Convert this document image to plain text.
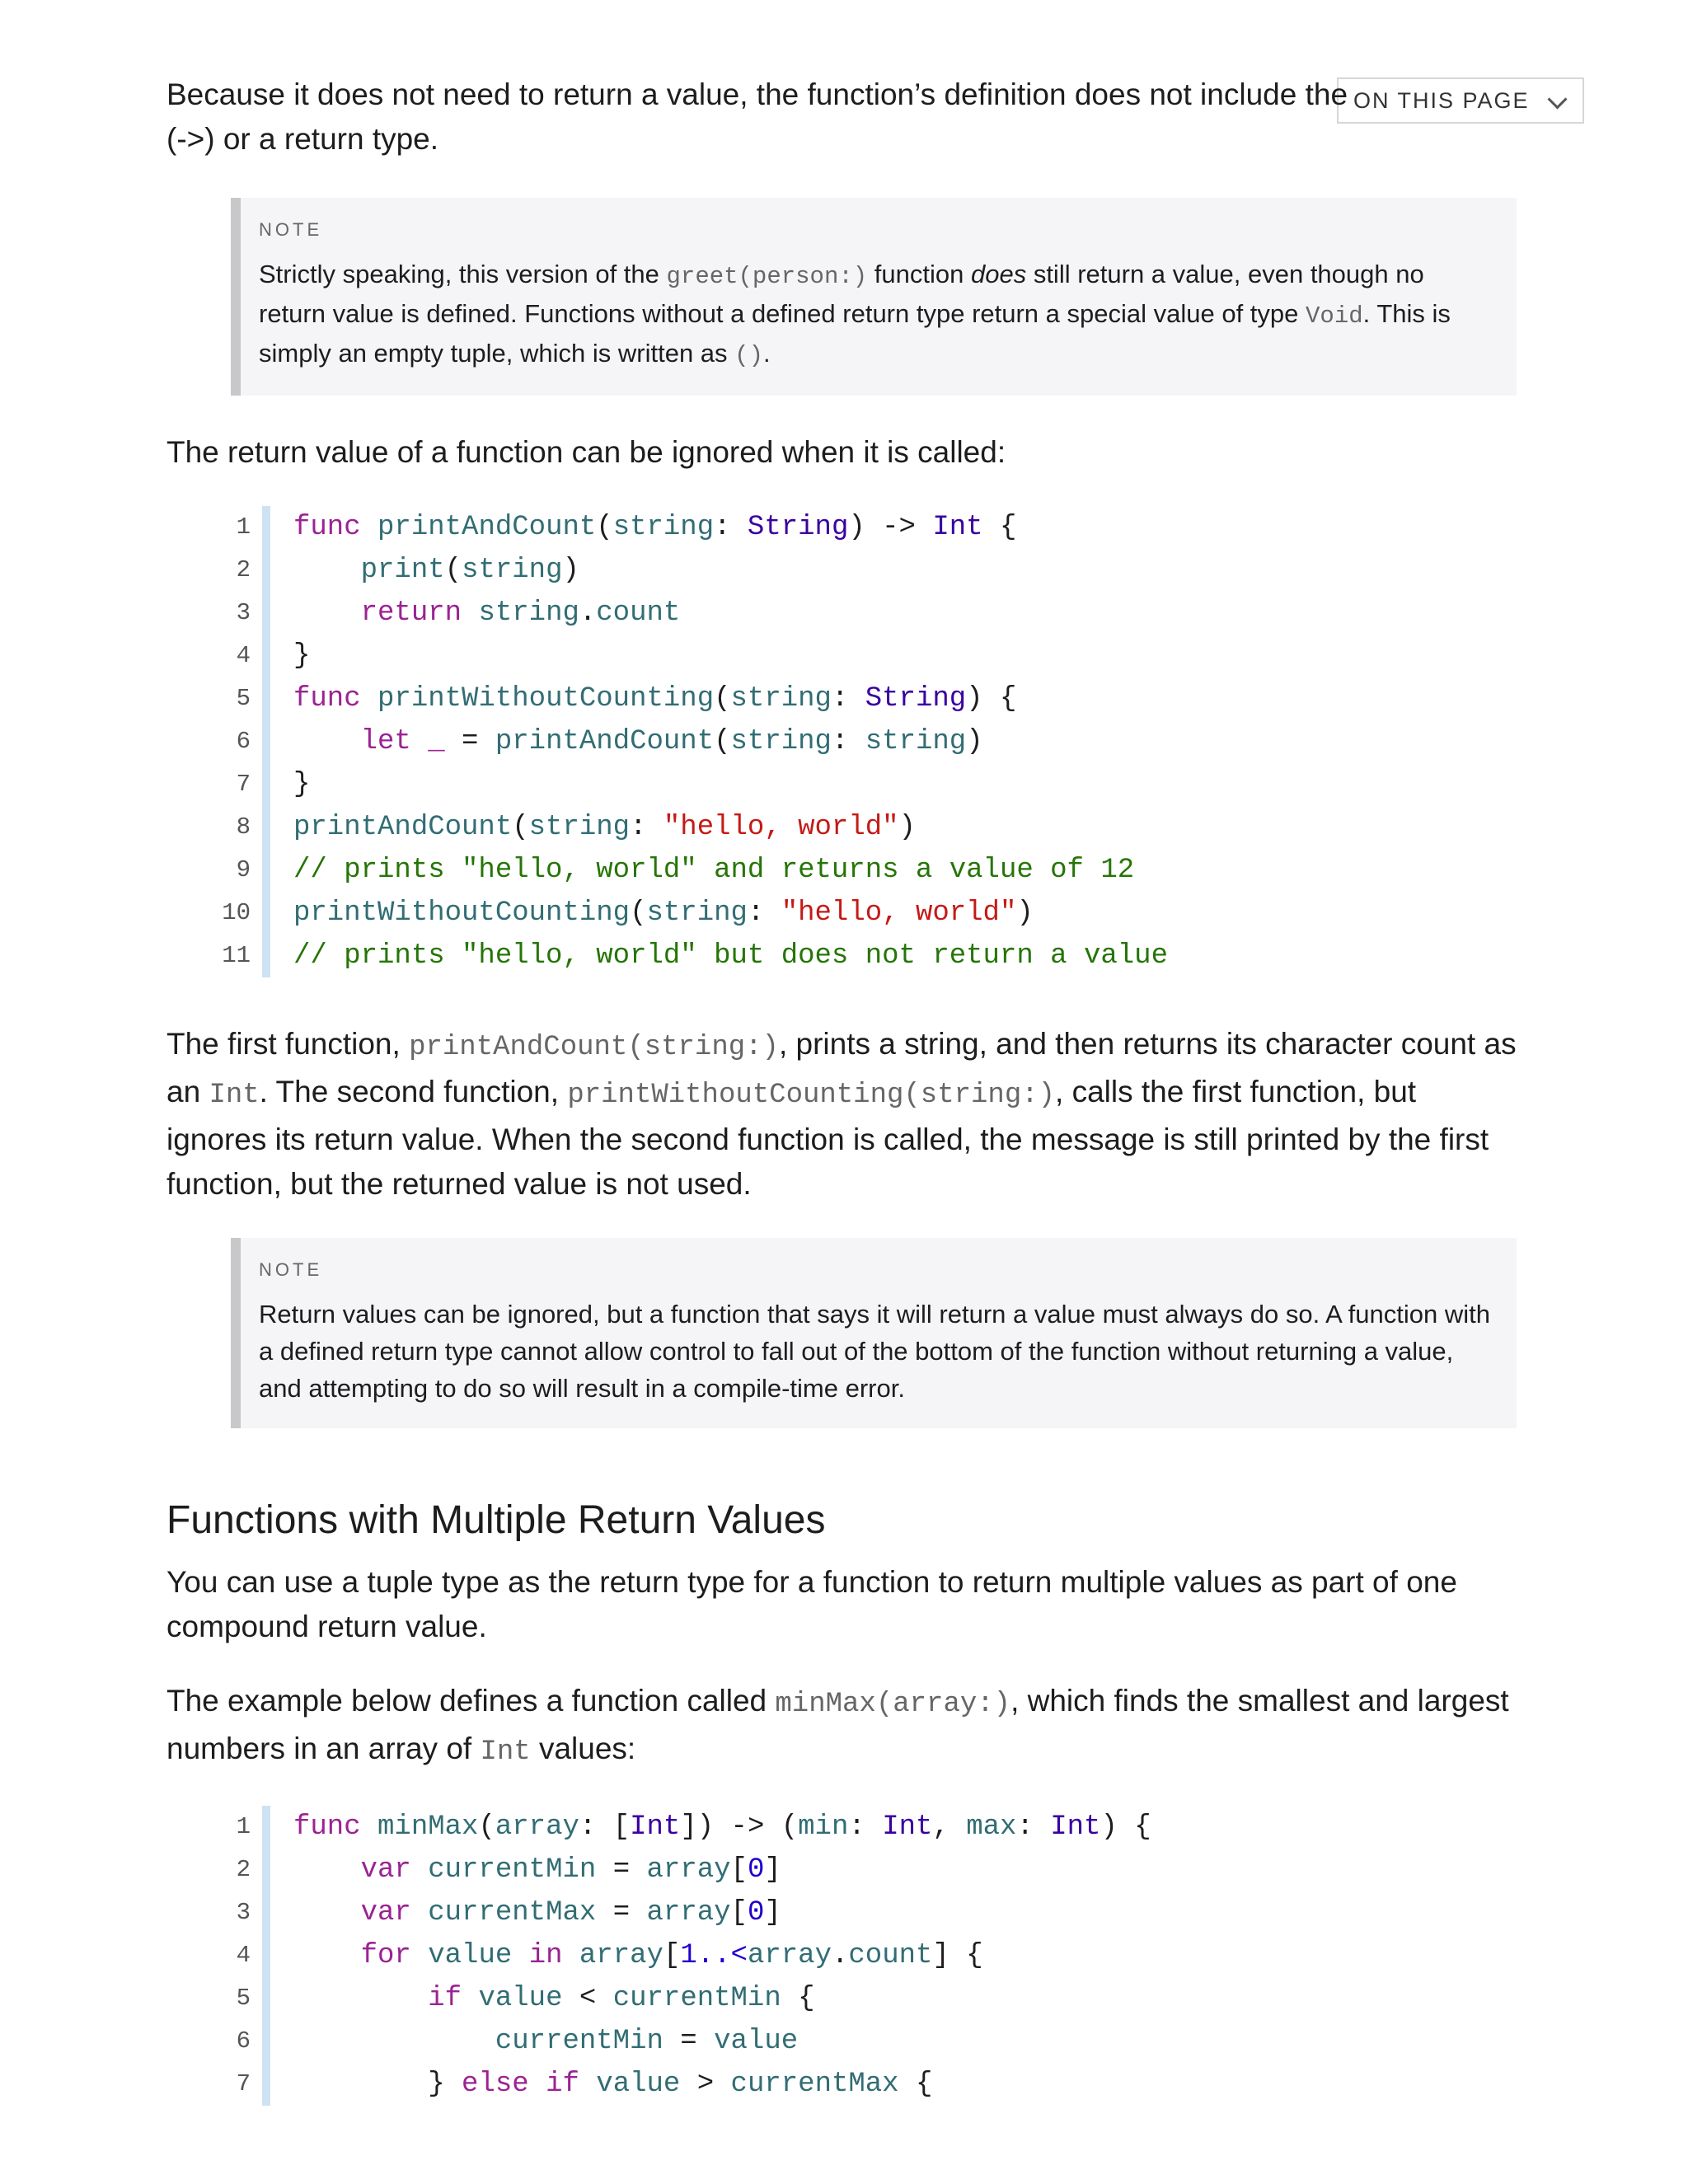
ON THIS PAGE

Because it does not need to return a value, the function’s definition does not include the
(->) or a return type.

NOTE
Strictly speaking, this version of the greet(person:) function does still return a value, even though no return value is defined. Functions without a defined return type return a special value of type Void. This is simply an empty tuple, which is written as ().

The return value of a function can be ignored when it is called:

1
2
3
4
5
6
7
8
9
10
11
func printAndCount(string: String) -> Int {
print(string)
return string.count
}
func printWithoutCounting(string: String) {
let _ = printAndCount(string: string)
}
printAndCount(string: "hello, world")
// prints "hello, world" and returns a value of 12
printWithoutCounting(string: "hello, world")
// prints "hello, world" but does not return a value

The first function, printAndCount(string:), prints a string, and then returns its character count as an Int. The second function, printWithoutCounting(string:), calls the first function, but ignores its return value. When the second function is called, the message is still printed by the first function, but the returned value is not used.

NOTE
Return values can be ignored, but a function that says it will return a value must always do so. A function with a defined return type cannot allow control to fall out of the bottom of the function without returning a value, and attempting to do so will result in a compile-time error.
Functions with Multiple Return Values

You can use a tuple type as the return type for a function to return multiple values as part of one compound return value.

The example below defines a function called minMax(array:), which finds the smallest and largest numbers in an array of Int values:

1
2
3
4
5
6
7
func minMax(array: [Int]) -> (min: Int, max: Int) {
var currentMin = array[0]
var currentMax = array[0]
for value in array[1..<array.count] {
if value < currentMin {
currentMin = value
} else if value > currentMax {
